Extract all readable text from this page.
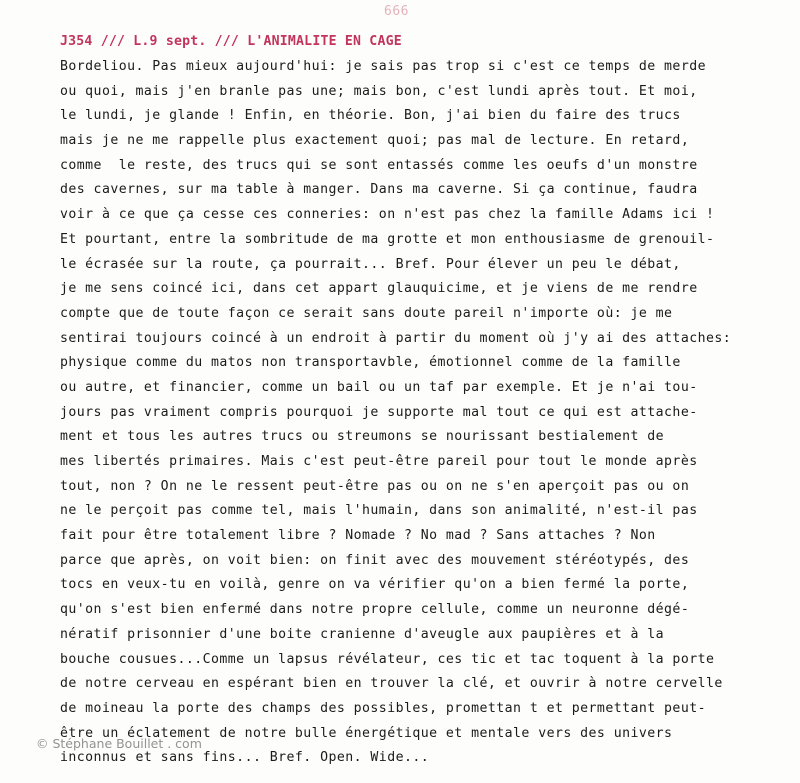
666
J354 /// L.9 sept. /// L'ANIMALITE EN CAGE
Bordeliou. Pas mieux aujourd'hui: je sais pas trop si c'est ce temps de merde
ou quoi, mais j'en branle pas une; mais bon, c'est lundi après tout. Et moi,
le lundi, je glande ! Enfin, en théorie. Bon, j'ai bien du faire des trucs
mais je ne me rappelle plus exactement quoi; pas mal de lecture. En retard,
comme  le reste, des trucs qui se sont entassés comme les oeufs d'un monstre
des cavernes, sur ma table à manger. Dans ma caverne. Si ça continue, faudra
voir à ce que ça cesse ces conneries: on n'est pas chez la famille Adams ici !
Et pourtant, entre la sombritude de ma grotte et mon enthousiasme de grenouil-
le écrasée sur la route, ça pourrait... Bref. Pour élever un peu le débat,
je me sens coincé ici, dans cet appart glauquicime, et je viens de me rendre
compte que de toute façon ce serait sans doute pareil n'importe où: je me
sentirai toujours coincé à un endroit à partir du moment où j'y ai des attaches:
physique comme du matos non transportavble, émotionnel comme de la famille
ou autre, et financier, comme un bail ou un taf par exemple. Et je n'ai tou-
jours pas vraiment compris pourquoi je supporte mal tout ce qui est attache-
ment et tous les autres trucs ou streumons se nourissant bestialement de
mes libertés primaires. Mais c'est peut-être pareil pour tout le monde après
tout, non ? On ne le ressent peut-être pas ou on ne s'en aperçoit pas ou on
ne le perçoit pas comme tel, mais l'humain, dans son animalité, n'est-il pas
fait pour être totalement libre ? Nomade ? No mad ? Sans attaches ? Non
parce que après, on voit bien: on finit avec des mouvement stéréotypés, des
tocs en veux-tu en voilà, genre on va vérifier qu'on a bien fermé la porte,
qu'on s'est bien enfermé dans notre propre cellule, comme un neuronne dégé-
nératif prisonnier d'une boite cranienne d'aveugle aux paupières et à la
bouche cousues...Comme un lapsus révélateur, ces tic et tac toquent à la porte
de notre cerveau en espérant bien en trouver la clé, et ouvrir à notre cervelle
de moineau la porte des champs des possibles, promettan t et permettant peut-
être un éclatement de notre bulle énergétique et mentale vers des univers
inconnus et sans fins... Bref. Open. Wide...
© Stéphane Bouillet . com
